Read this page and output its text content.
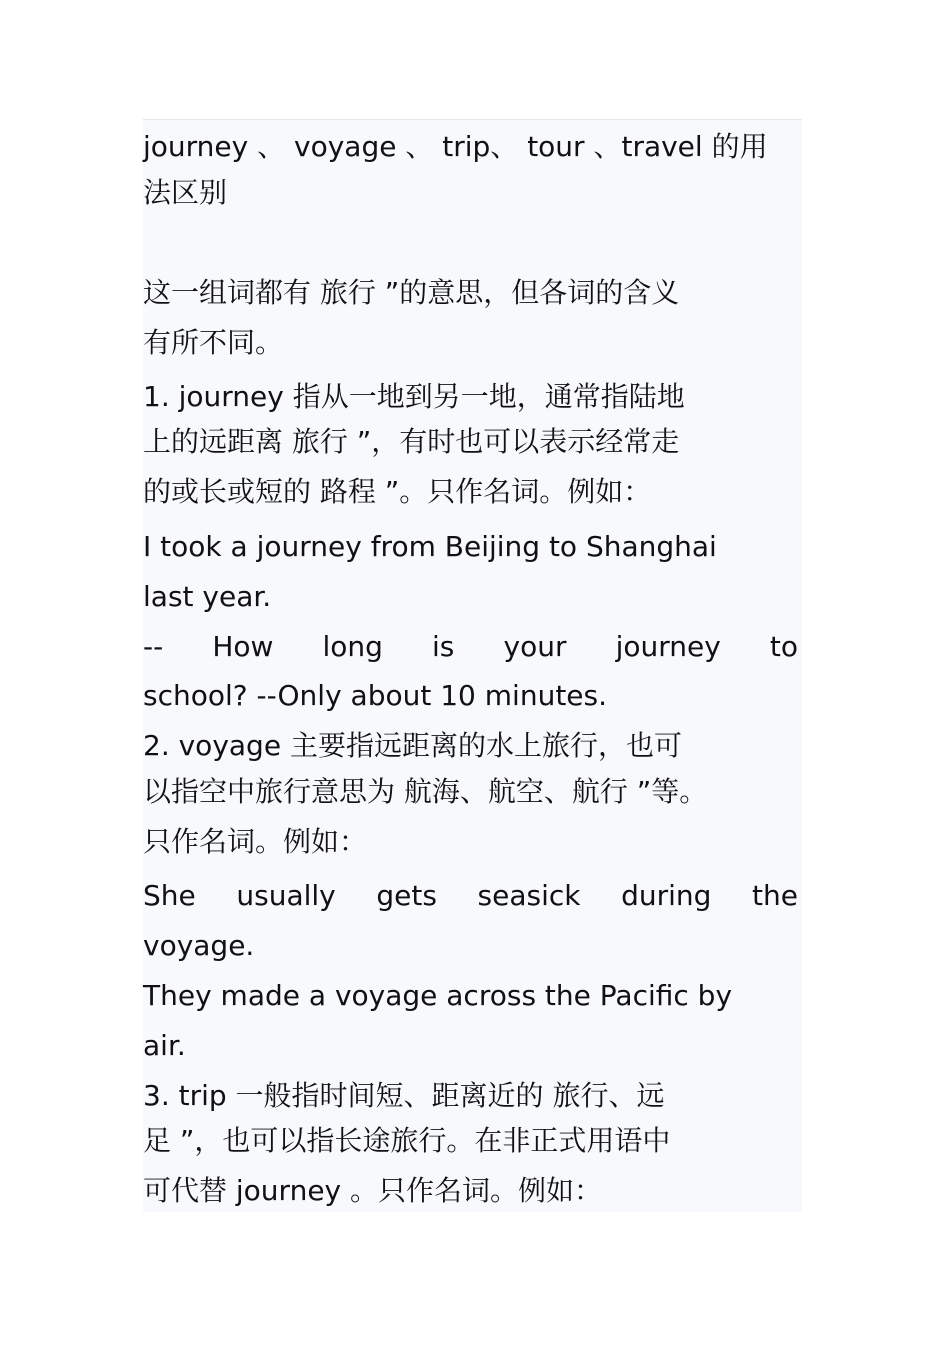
journey 、 voyage 、 trip、 tour 、travel 的用
法区别
这一组词都有 旅行 ”的意思，但各词的含义
有所不同。
1. journey 指从一地到另一地，通常指陆地
上的远距离 旅行 ”，有时也可以表示经常走
的或长或短的 路程 ”。只作名词。例如：
I took a journey from Beijing to Shanghai
last year.
-- How long is your journey to
school? --Only about 10 minutes.
2. voyage 主要指远距离的水上旅行，也可
以指空中旅行意思为 航海、航空、航行 ”等。
只作名词。例如：
She usually gets seasick during the
voyage.
They made a voyage across the Pacific by
air.
3. trip 一般指时间短、距离近的 旅行、远
足 ”，也可以指长途旅行。在非正式用语中
可代替 journey 。只作名词。例如：
